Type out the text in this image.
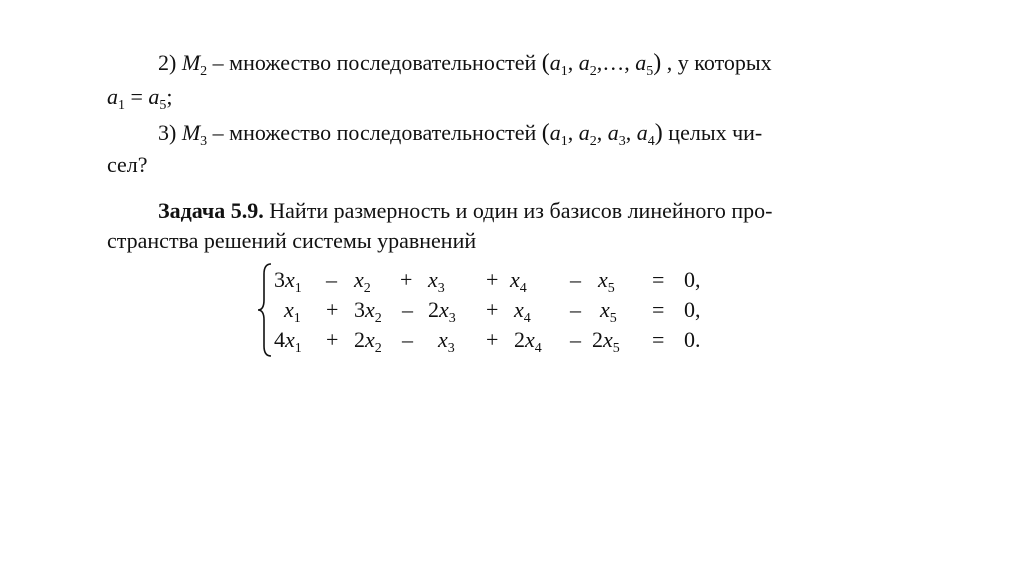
2) $M_2$ – множество последовательностей ($a_1$, $a_2,\dots$, $a_5$) , у которых
$a_1 = a_5$;
3) $M_3$ – множество последовательностей ($a_1$, $a_2$, $a_3$, $a_4$) целых чи-
сел?
Задача 5.9. Найти размерность и один из базисов линейного про-
странства решений системы уравнений
$3x_1 - x_2 + x_3 + x_4 - x_5 = 0$,
$x_1 + 3x_2 - 2x_3 + x_4 - x_5 = 0$,
$4x_1 + 2x_2 - x_3 + 2x_4 - 2x_5 = 0$.
